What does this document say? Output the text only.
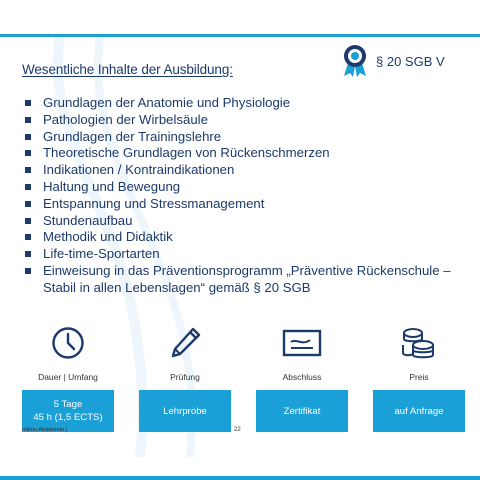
Wesentliche Inhalte der Ausbildung:
§ 20 SGB V
Grundlagen der Anatomie und Physiologie
Pathologien der Wirbelsäule
Grundlagen der Trainingslehre
Theoretische Grundlagen von Rückenschmerzen
Indikationen / Kontraindikationen
Haltung und Bewegung
Entspannung und Stressmanagement
Stundenaufbau
Methodik und Didaktik
Life-time-Sportarten
Einweisung in das Präventionsprogramm „Präventive Rückenschule – Stabil in allen Lebenslagen“ gemäß § 20 SGB
Dauer | Umfang
5 Tage
45 h (1,5 ECTS)
Prüfung
Lehrprobe
Abschluss
Zertifikat
Preis
auf Anfrage
millou Akademie | lernen.erLEBEN	22
